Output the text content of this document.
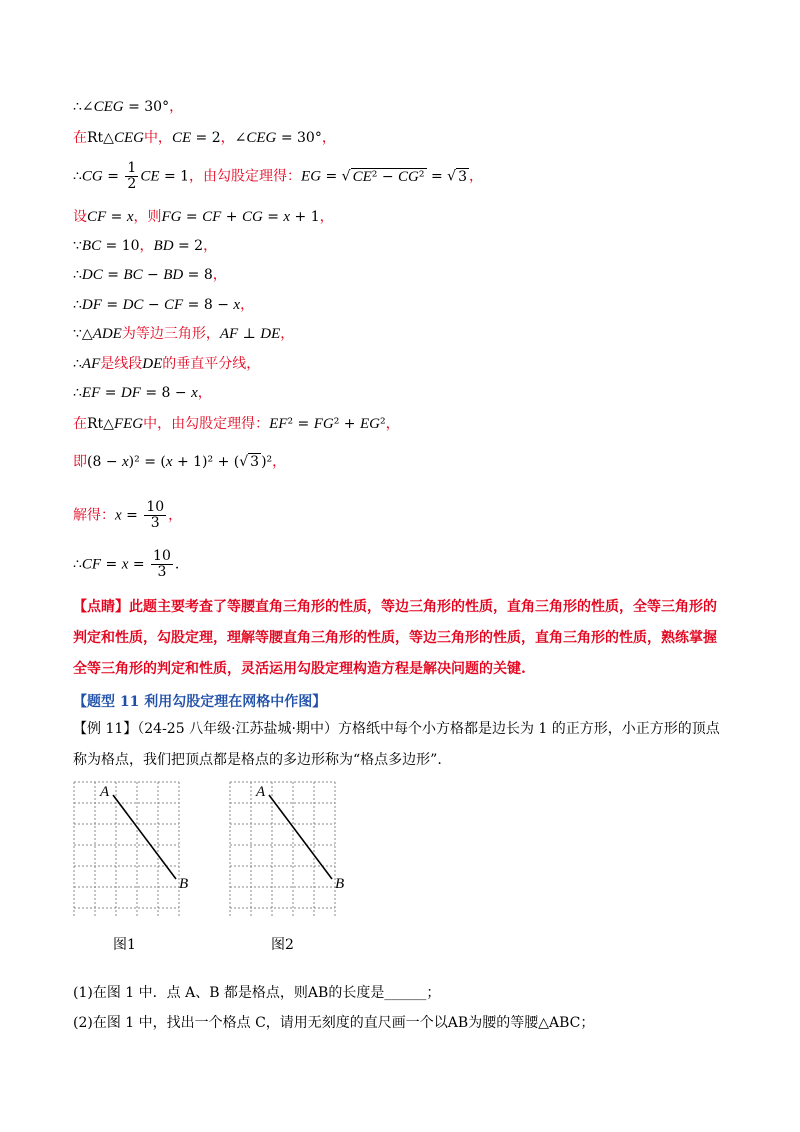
∴∠CEG = 30°，
在Rt△CEG中，CE = 2，∠CEG = 30°，
∴CG = $\frac{1}{2}$ CE = 1，由勾股定理得：EG = √ CE² − CG² = √ 3 ，
设CF = x，则FG = CF + CG = x + 1，
∵BC = 10，BD = 2，
∴DC = BC − BD = 8，
∴DF = DC − CF = 8 − x，
∵△ADE为等边三角形，AF ⊥ DE，
∴AF是线段DE的垂直平分线，
∴EF = DF = 8 − x，
在Rt△FEG中，由勾股定理得：EF² = FG² + EG²，
即(8 − x)² = (x + 1)² + (√ 3 )²，
解得：$x = \frac{10}{3}$ ，
∴CF = $x = \frac{10}{3}$ .
【点睛】此题主要考查了等腰直角三角形的性质，等边三角形的性质，直角三角形的性质，全等三角形的判定和性质，勾股定理，理解等腰直角三角形的性质，等边三角形的性质，直角三角形的性质，熟练掌握全等三角形的判定和性质，灵活运用勾股定理构造方程是解决问题的关键.
【题型 11 利用勾股定理在网格中作图】
【例 11】（24-25 八年级·江苏盐城·期中）方格纸中每个小方格都是边长为 1 的正方形，小正方形的顶点称为格点，我们把顶点都是格点的多边形称为“格点多边形”.
A
B
图1
A
B
图2
(1)在图 1 中．点 A、B 都是格点，则AB的长度是______；
(2)在图 1 中，找出一个格点 C，请用无刻度的直尺画一个以AB为腰的等腰△ABC；
